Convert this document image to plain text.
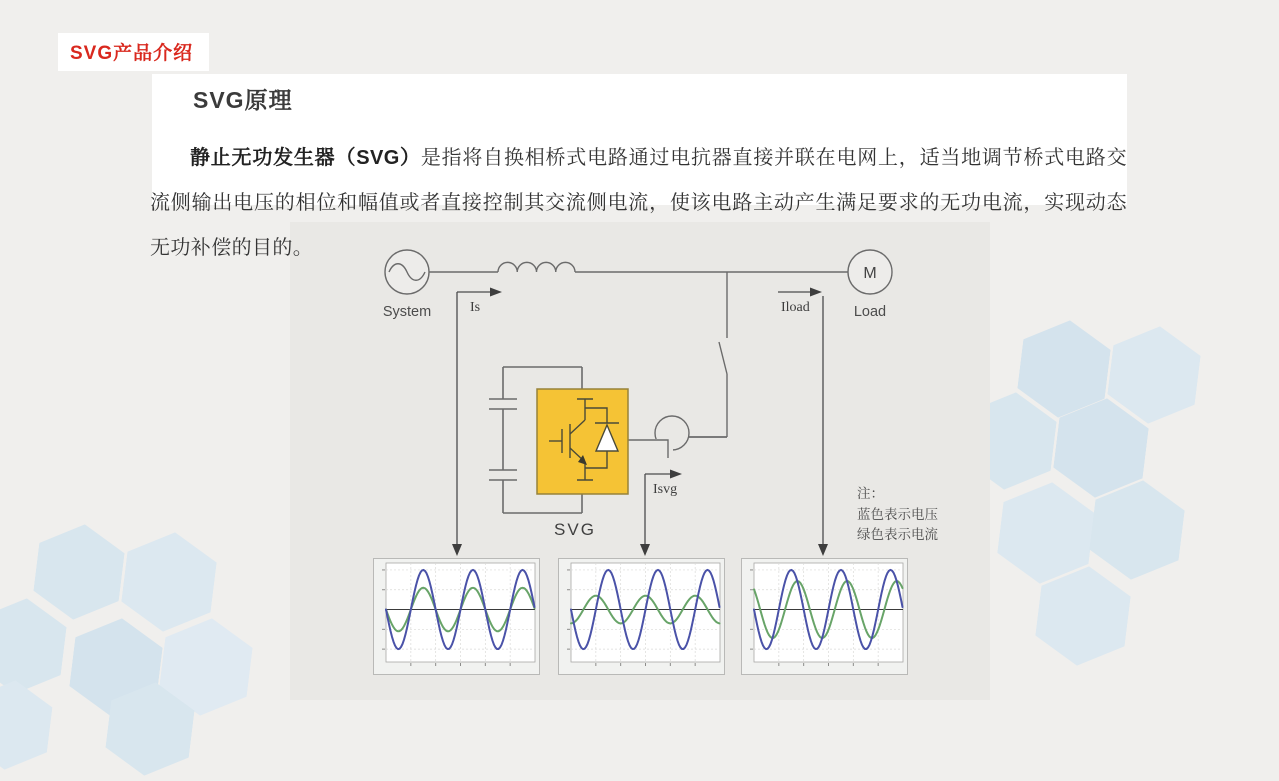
SVG产品介绍
SVG原理

静止无功发生器（SVG）是指将自换相桥式电路通过电抗器直接并联在电网上，适当地调节桥式电路交流侧输出电压的相位和幅值或者直接控制其交流侧电流，使该电路主动产生满足要求的无功电流，实现动态无功补偿的目的。

System
M
Load
Is	Iload
Isvg
SVG
注：
蓝色表示电压
绿色表示电流
